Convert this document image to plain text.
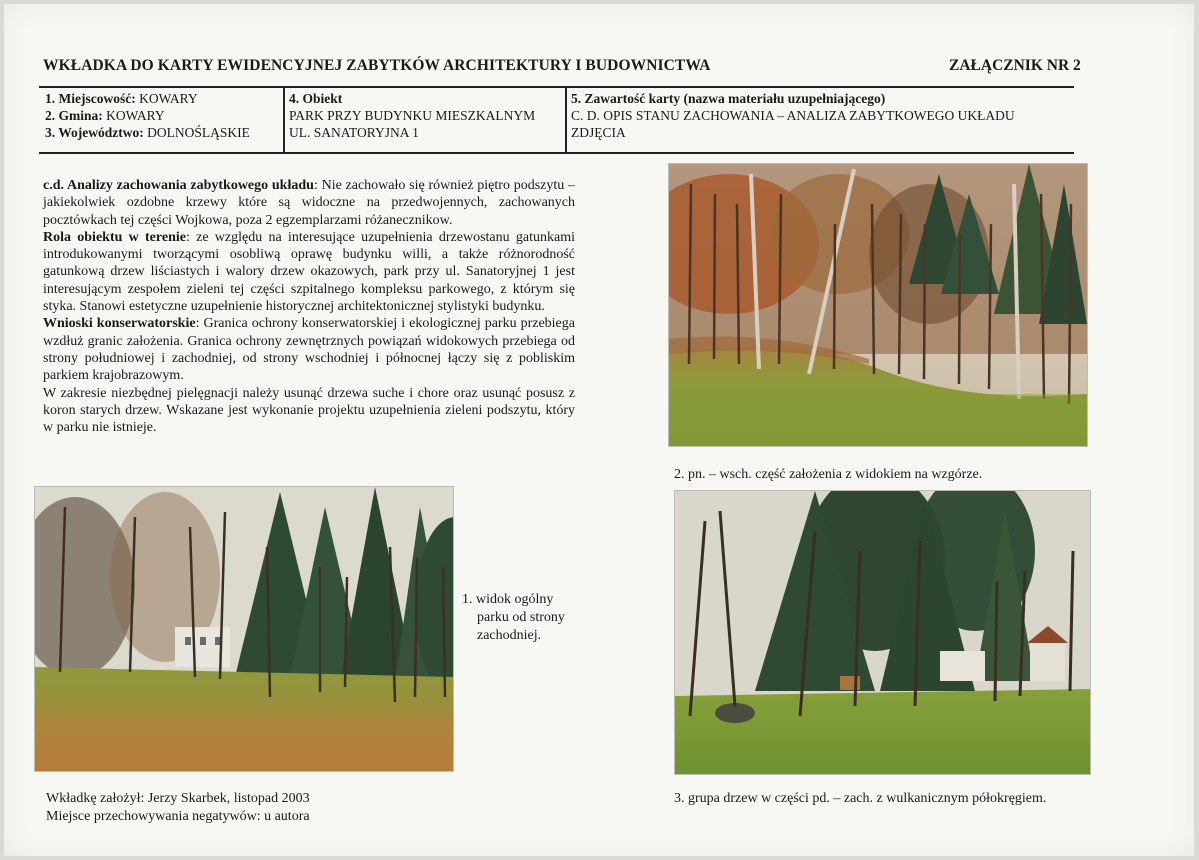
WKŁADKA DO KARTY EWIDENCYJNEJ ZABYTKÓW ARCHITEKTURY I BUDOWNICTWA	ZAŁĄCZNIK NR 2
1. Miejscowość: KOWARY
2. Gmina: KOWARY
3. Województwo: DOLNOŚLĄSKIE
4. Obiekt
PARK PRZY BUDYNKU MIESZKALNYM
UL. SANATORYJNA 1
5. Zawartość karty (nazwa materiału uzupełniającego)
C. D. OPIS STANU ZACHOWANIA – ANALIZA ZABYTKOWEGO UKŁADU
ZDJĘCIA

c.d. Analizy zachowania zabytkowego układu: Nie zachowało się również piętro podszytu – jakiekolwiek ozdobne krzewy które są widoczne na przedwojennych, zachowanych pocztówkach tej części Wojkowa, poza 2 egzemplarzami różanecznikow.

Rola obiektu w terenie: ze względu na interesujące uzupełnienia drzewostanu gatunkami introdukowanymi tworzącymi osobliwą oprawę budynku willi, a także różnorodność gatunkową drzew liściastych i walory drzew okazowych, park przy ul. Sanatoryjnej 1 jest interesującym zespołem zieleni tej części szpitalnego kompleksu parkowego, z którym się styka. Stanowi estetyczne uzupełnienie historycznej architektonicznej stylistyki budynku.

Wnioski konserwatorskie: Granica ochrony konserwatorskiej i ekologicznej parku przebiega wzdłuż granic założenia. Granica ochrony zewnętrznych powiązań widokowych przebiega od strony południowej i zachodniej, od strony wschodniej i północnej łączy się z pobliskim parkiem krajobrazowym.

W zakresie niezbędnej pielęgnacji należy usunąć drzewa suche i chore oraz usunąć posusz z koron starych drzew. Wskazane jest wykonanie projektu uzupełnienia zieleni podszytu, który w parku nie istnieje.

2. pn. – wsch. część założenia z widokiem na wzgórze.
1. widok ogólny
parku od strony
zachodniej.
3. grupa drzew w części pd. – zach. z wulkanicznym półokręgiem.
Wkładkę założył: Jerzy Skarbek, listopad 2003
Miejsce przechowywania negatywów: u autora
